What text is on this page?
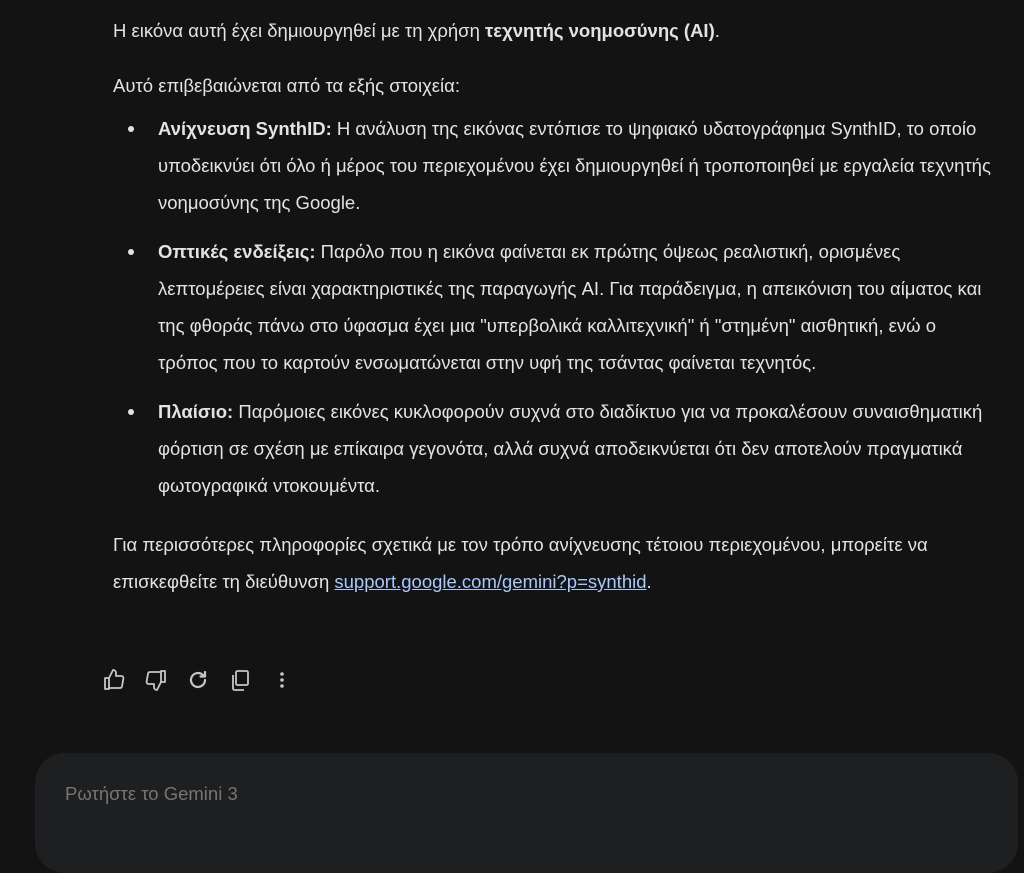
Η εικόνα αυτή έχει δημιουργηθεί με τη χρήση τεχνητής νοημοσύνης (AI).

Αυτό επιβεβαιώνεται από τα εξής στοιχεία:

Ανίχνευση SynthID: Η ανάλυση της εικόνας εντόπισε το ψηφιακό υδατογράφημα SynthID, το οποίο υποδεικνύει ότι όλο ή μέρος του περιεχομένου έχει δημιουργηθεί ή τροποποιηθεί με εργαλεία τεχνητής νοημοσύνης της Google.
Οπτικές ενδείξεις: Παρόλο που η εικόνα φαίνεται εκ πρώτης όψεως ρεαλιστική, ορισμένες λεπτομέρειες είναι χαρακτηριστικές της παραγωγής AI. Για παράδειγμα, η απεικόνιση του αίματος και της φθοράς πάνω στο ύφασμα έχει μια "υπερβολικά καλλιτεχνική" ή "στημένη" αισθητική, ενώ ο τρόπος που το καρτούν ενσωματώνεται στην υφή της τσάντας φαίνεται τεχνητός.
Πλαίσιο: Παρόμοιες εικόνες κυκλοφορούν συχνά στο διαδίκτυο για να προκαλέσουν συναισθηματική φόρτιση σε σχέση με επίκαιρα γεγονότα, αλλά συχνά αποδεικνύεται ότι δεν αποτελούν πραγματικά φωτογραφικά ντοκουμέντα.

Για περισσότερες πληροφορίες σχετικά με τον τρόπο ανίχνευσης τέτοιου περιεχομένου, μπορείτε να επισκεφθείτε τη διεύθυνση support.google.com/gemini?p=synthid.

Ρωτήστε το Gemini 3
